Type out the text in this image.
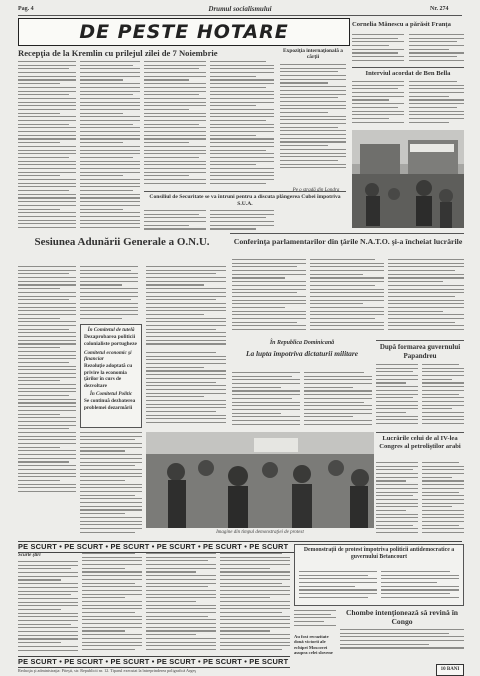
Pag. 4	Drumul socialismului	Nr. 274
DE PESTE HOTARE	Cornelia Mănescu a părăsit Franţa
Interviul acordat de Ben Bella
Recepţia de la Kremlin cu prilejul zilei de 7 Noiembrie	Expoziţia internaţională a cărţii
Consiliul de Securitate se va întruni pentru a discuta plângerea Cubei împotriva S.U.A.
Pe o stradă din Londra
Conferinţa parlamentarilor din ţările N.A.T.O. şi-a încheiat lucrările
Sesiunea Adunării Generale a O.N.U.
În Comitetul de tutelă
Dezaprobarea politicii colonialiste portugheze
Comitetul economic şi financiar
Rezoluţie adoptată cu privire la economia ţărilor în curs de dezvoltare
În Comitetul Politic
Se continuă dezbaterea problemei dezarmării
În Republica Dominicană
La lupta împotriva dictaturii militare
După formarea guvernului Papandreu
Imagine din timpul demonstraţiei de protest
Lucrările celui de al IV-lea Congres al petroliştilor arabi
PE SCURT • PE SCURT • PE SCURT • PE SCURT • PE SCURT • PE SCURT
Scurte ştiri
Demonstraţii de protest împotriva politicii antidemocratice a guvernului Betancourt
Chombe intenţionează să revină în Congo
Au fost recuzitate două victorii ale echipei Moscovei asupra celei slovene
PE SCURT • PE SCURT • PE SCURT • PE SCURT • PE SCURT • PE SCURT
Redacţia şi administraţia: Piteşti, str. Republicii nr. 12. Tiparul executat la întreprinderea poligrafică Argeş	10 BANI
